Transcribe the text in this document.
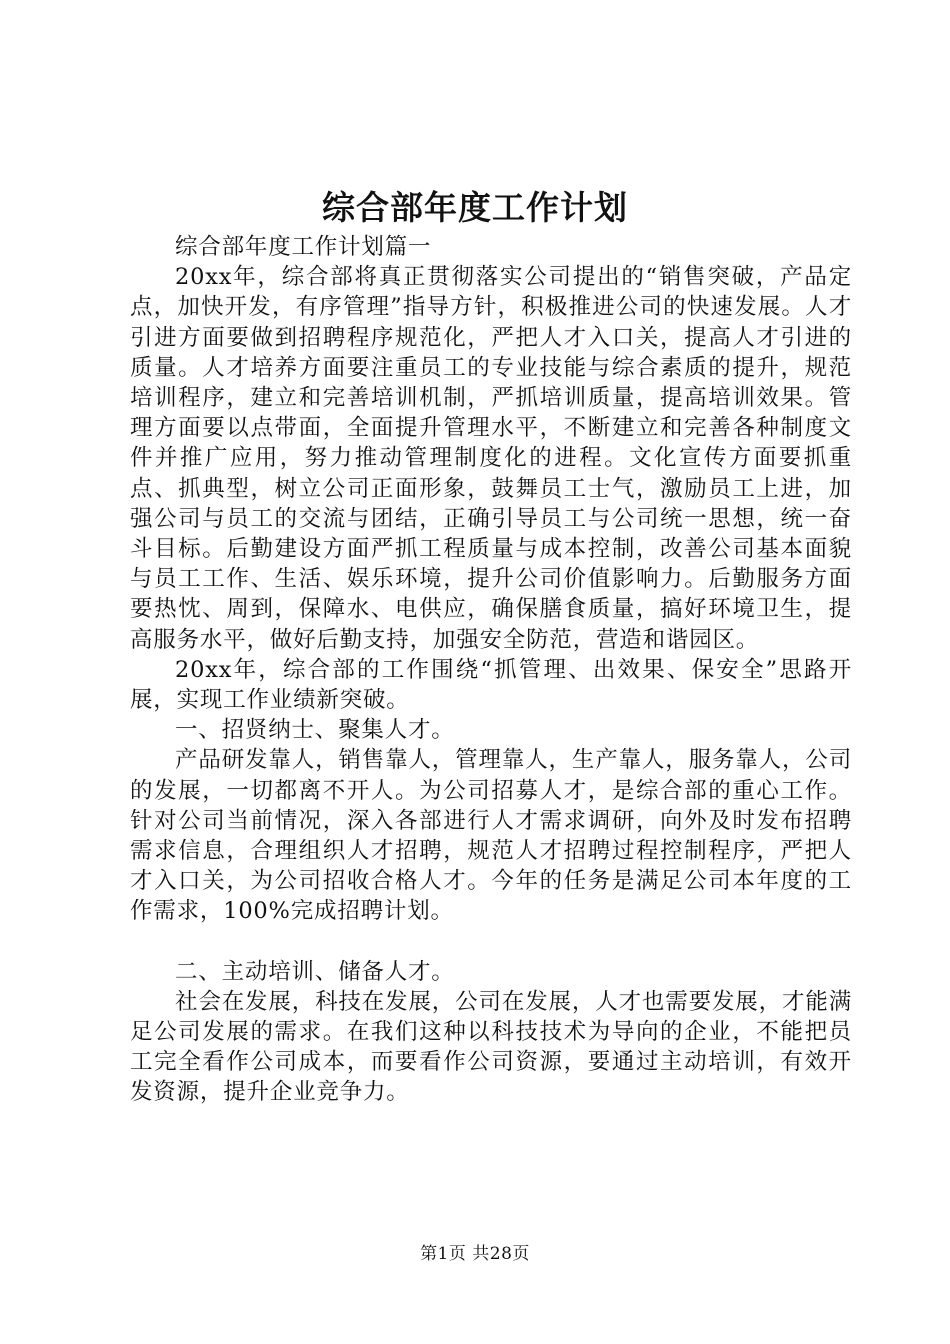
综合部年度工作计划

综合部年度工作计划篇一

20xx年，综合部将真正贯彻落实公司提出的“销售突破，产品定点，加快开发，有序管理”指导方针，积极推进公司的快速发展。人才引进方面要做到招聘程序规范化，严把人才入口关，提高人才引进的质量。人才培养方面要注重员工的专业技能与综合素质的提升，规范培训程序，建立和完善培训机制，严抓培训质量，提高培训效果。管理方面要以点带面，全面提升管理水平，不断建立和完善各种制度文件并推广应用，努力推动管理制度化的进程。文化宣传方面要抓重点、抓典型，树立公司正面形象，鼓舞员工士气，激励员工上进，加强公司与员工的交流与团结，正确引导员工与公司统一思想，统一奋斗目标。后勤建设方面严抓工程质量与成本控制，改善公司基本面貌与员工工作、生活、娱乐环境，提升公司价值影响力。后勤服务方面要热忱、周到，保障水、电供应，确保膳食质量，搞好环境卫生，提高服务水平，做好后勤支持，加强安全防范，营造和谐园区。

20xx年，综合部的工作围绕“抓管理、出效果、保安全”思路开展，实现工作业绩新突破。

一、招贤纳士、聚集人才。

产品研发靠人，销售靠人，管理靠人，生产靠人，服务靠人，公司的发展，一切都离不开人。为公司招募人才，是综合部的重心工作。针对公司当前情况，深入各部进行人才需求调研，向外及时发布招聘需求信息，合理组织人才招聘，规范人才招聘过程控制程序，严把人才入口关，为公司招收合格人才。今年的任务是满足公司本年度的工作需求，100%完成招聘计划。

二、主动培训、储备人才。

社会在发展，科技在发展，公司在发展，人才也需要发展，才能满足公司发展的需求。在我们这种以科技技术为导向的企业，不能把员工完全看作公司成本，而要看作公司资源，要通过主动培训，有效开发资源，提升企业竞争力。

第1页 共28页
